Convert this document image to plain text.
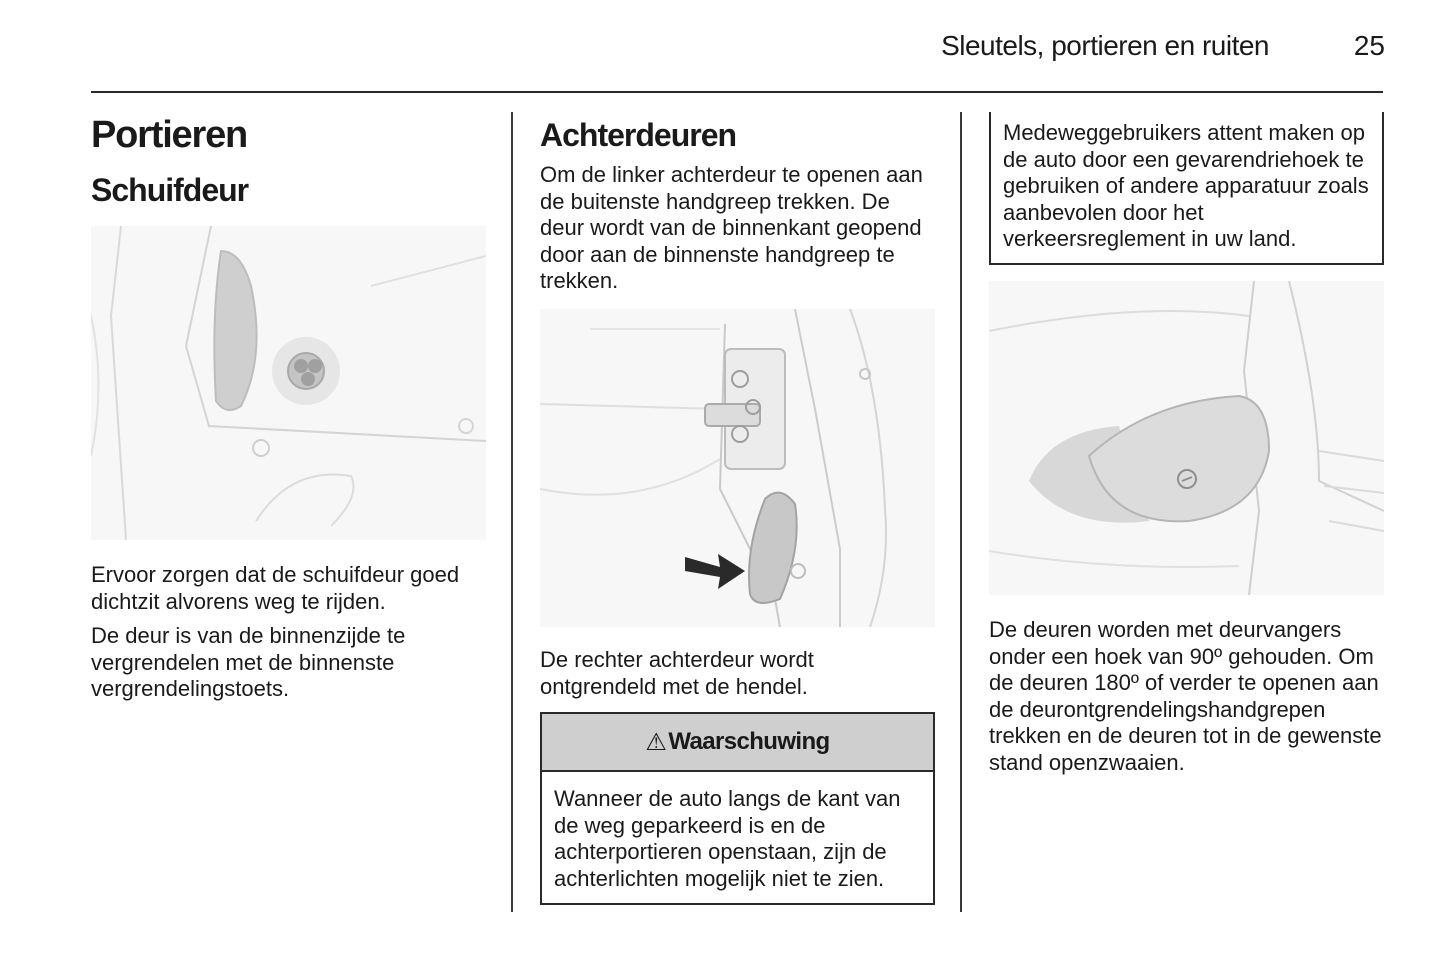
Sleutels, portieren en ruiten	25
Portieren
Schuifdeur

Ervoor zorgen dat de schuifdeur goed dichtzit alvorens weg te rijden.

De deur is van de binnenzijde te vergrendelen met de binnenste vergrendelingstoets.

Achterdeuren

Om de linker achterdeur te openen aan de buitenste handgreep trekken. De deur wordt van de binnenkant geopend door aan de binnenste handgreep te trekken.

De rechter achterdeur wordt ontgrendeld met de hendel.

⚠ Waarschuwing

Wanneer de auto langs de kant van de weg geparkeerd is en de achterportieren openstaan, zijn de achterlichten mogelijk niet te zien.

Medeweggebruikers attent maken op de auto door een gevarendriehoek te gebruiken of andere apparatuur zoals aanbevolen door het verkeersreglement in uw land.

De deuren worden met deurvangers onder een hoek van 90º gehouden. Om de deuren 180º of verder te openen aan de deurontgrendelingshandgrepen trekken en de deuren tot in de gewenste stand openzwaaien.
